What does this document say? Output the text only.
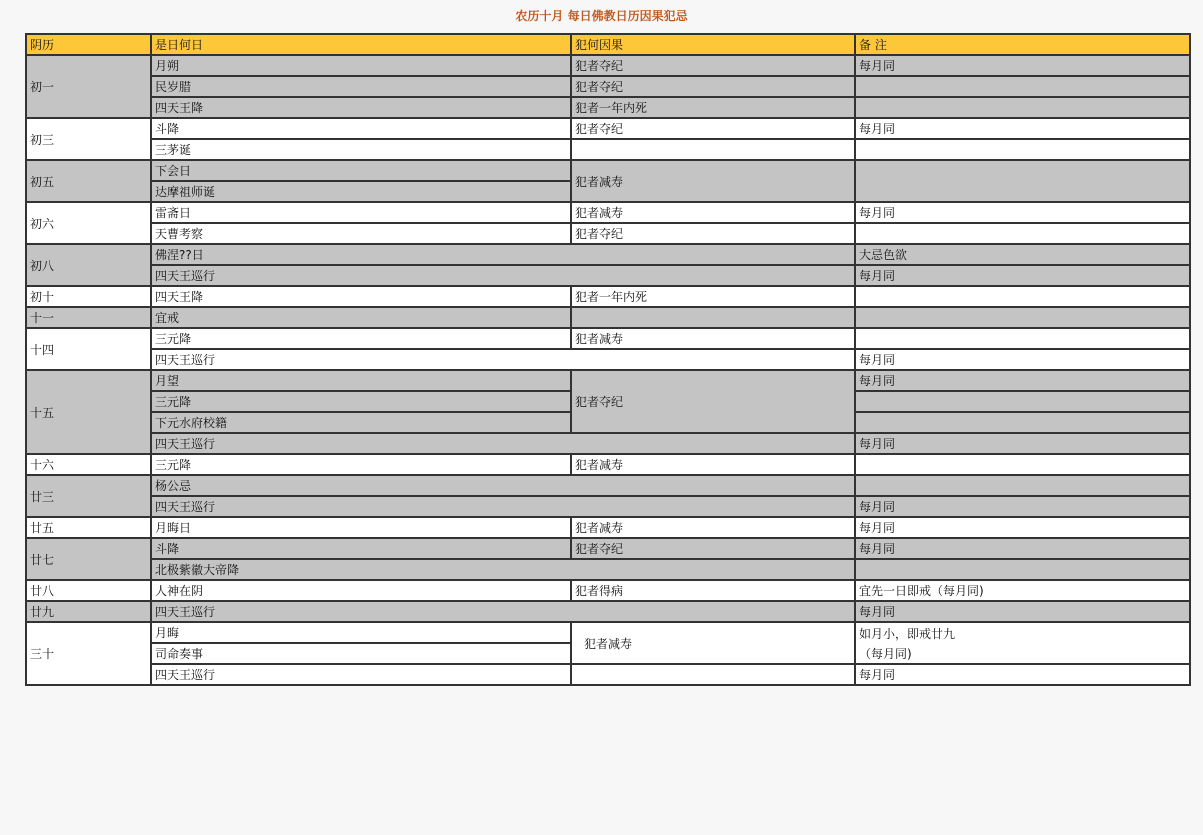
农历十月 每日佛教日历因果犯忌
阴历	是日何日	犯何因果	备 注
初一	月朔	犯者夺纪	每月同
	民岁腊	犯者夺纪	
	四天王降	犯者一年内死	
初三	斗降	犯者夺纪	每月同
	三茅诞		
初五	下会日	犯者减寿	
	达摩祖师诞		
初六	雷斋日	犯者减寿	每月同
	天曹考察	犯者夺纪	
初八	佛涅??日		大忌色欲
	四天王巡行		每月同
初十	四天王降	犯者一年内死	
十一	宜戒		
十四	三元降	犯者减寿	
	四天王巡行		每月同
十五	月望	犯者夺纪	每月同
	三元降		
	下元水府校籍		
	四天王巡行		每月同
十六	三元降	犯者减寿	
廿三	杨公忌		
	四天王巡行		每月同
廿五	月晦日	犯者减寿	每月同
廿七	斗降	犯者夺纪	每月同
	北极紫徽大帝降		
廿八	人神在阴	犯者得病	宜先一日即戒（每月同)
廿九	四天王巡行		每月同
三十	月晦	犯者减寿	如月小，即戒廿九
	司命奏事		（每月同)
	四天王巡行		每月同
